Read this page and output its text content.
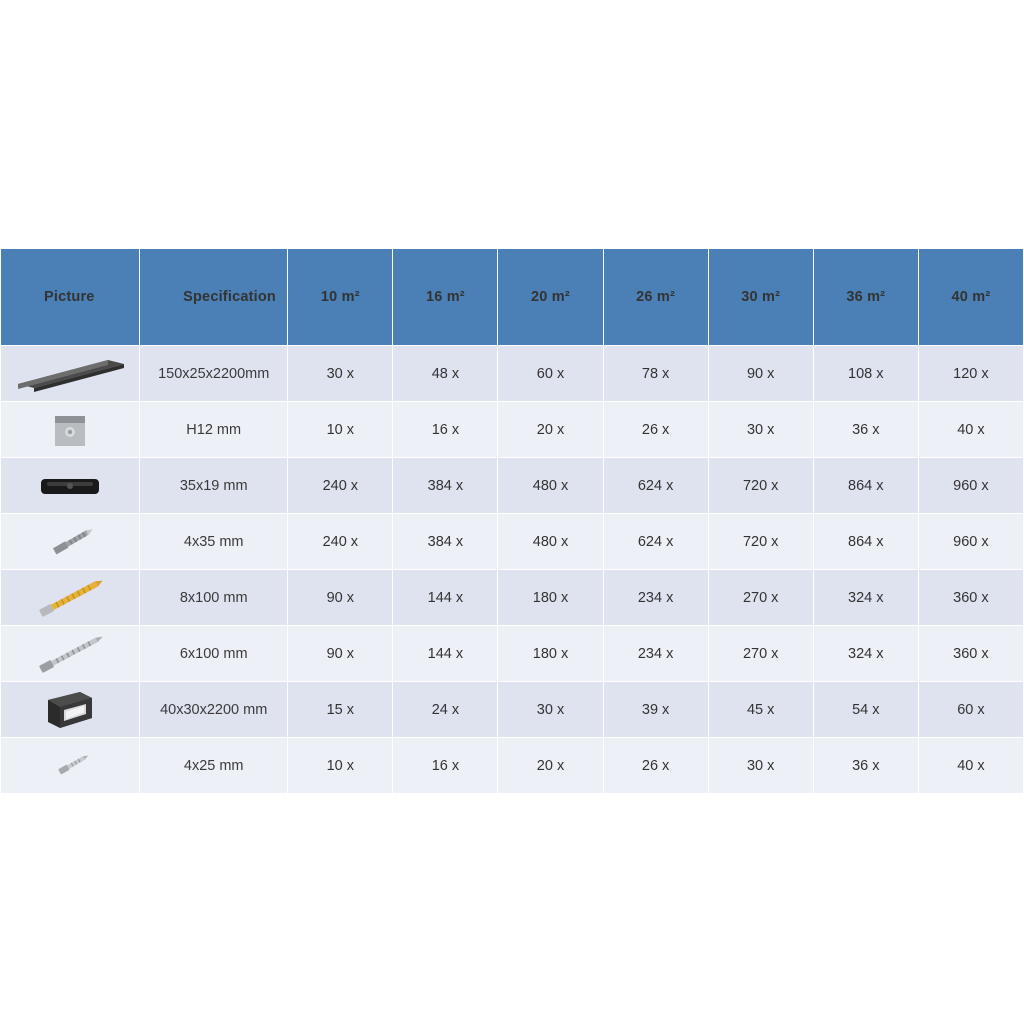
Picture	Specification	10 m²	16 m²	20 m²	26 m²	30 m²	36 m²	40 m²

	150x25x2200mm	30 x	48 x	60 x	78 x	90 x	108 x	120 x

	H12 mm	10 x	16 x	20 x	26 x	30 x	36 x	40 x

	35x19 mm	240 x	384 x	480 x	624 x	720 x	864 x	960 x

	4x35 mm	240 x	384 x	480 x	624 x	720 x	864 x	960 x

	8x100 mm	90 x	144 x	180 x	234 x	270 x	324 x	360 x

	6x100 mm	90 x	144 x	180 x	234 x	270 x	324 x	360 x

	40x30x2200 mm	15 x	24 x	30 x	39 x	45 x	54 x	60 x

	4x25 mm	10 x	16 x	20 x	26 x	30 x	36 x	40 x
